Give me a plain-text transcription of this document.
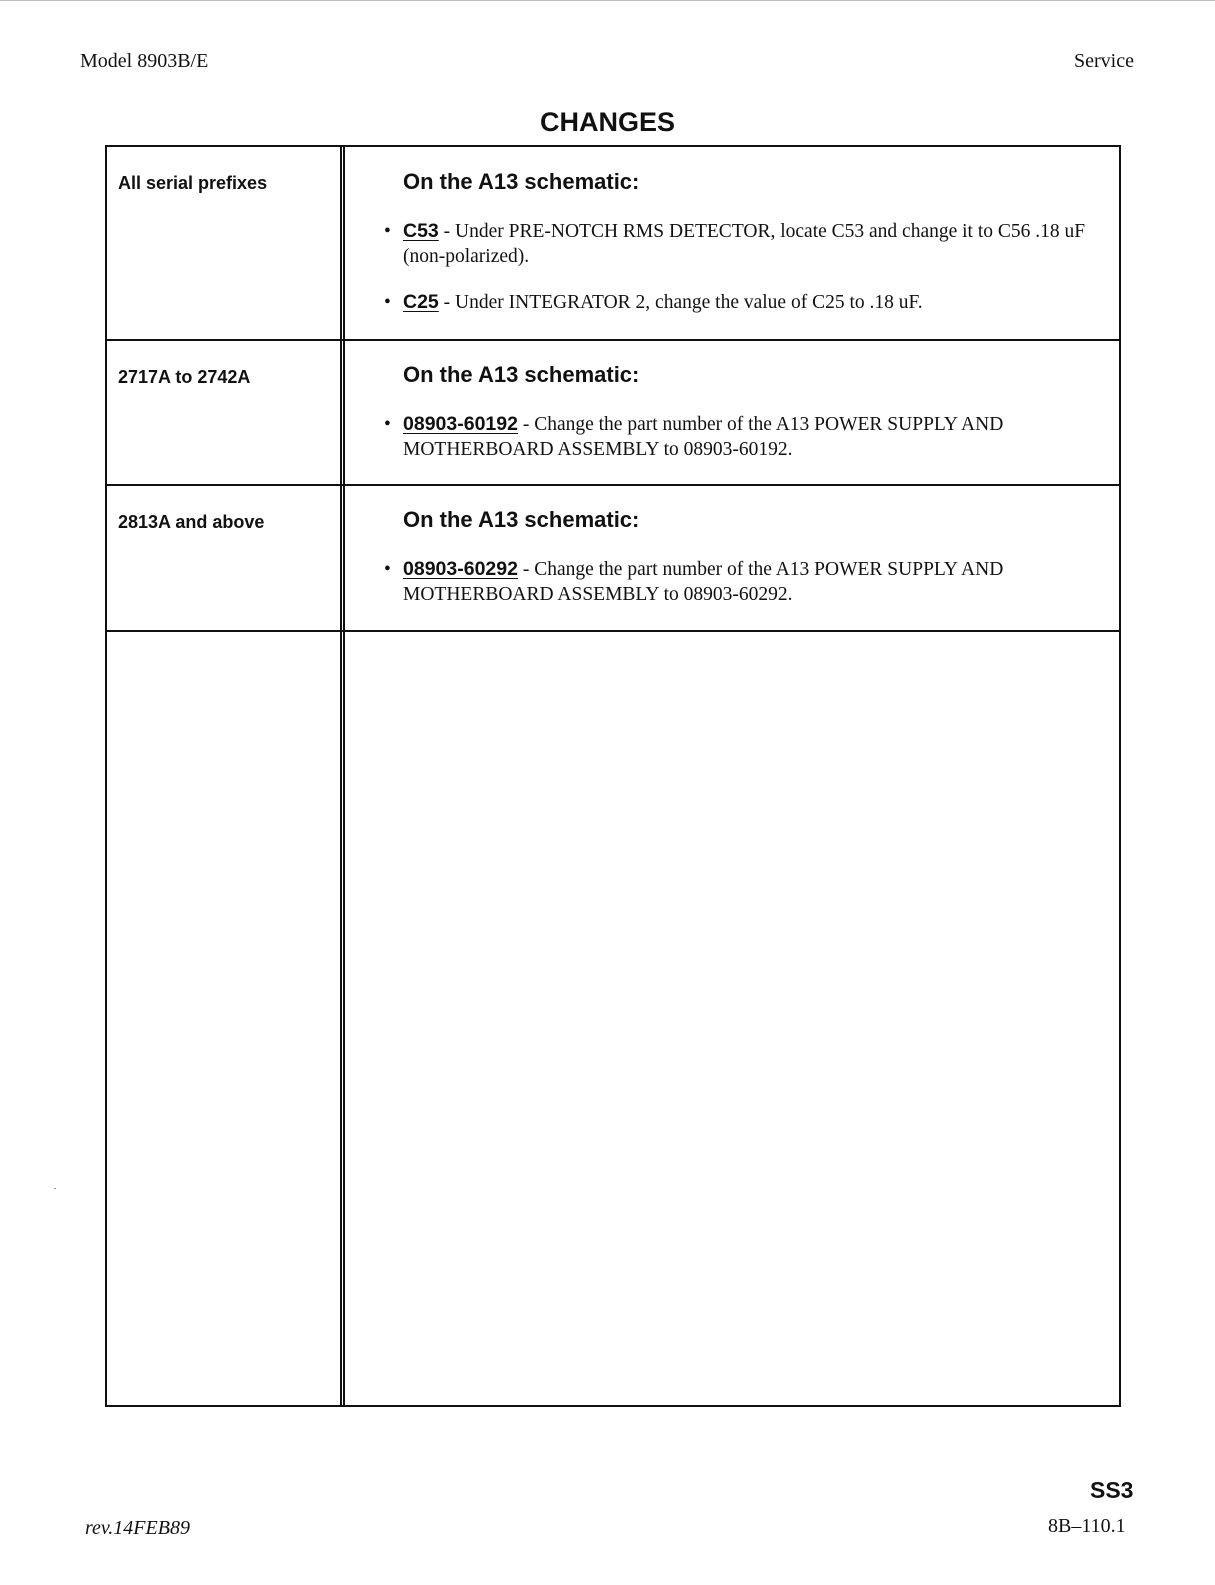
Model 8903B/E	Service
CHANGES
All serial prefixes	On the A13 schematic:
• C53 - Under PRE-NOTCH RMS DETECTOR, locate C53 and change it to C56 .18 uF (non-polarized).
• C25 - Under INTEGRATOR 2, change the value of C25 to .18 uF.
2717A to 2742A	On the A13 schematic:
• 08903-60192 - Change the part number of the A13 POWER SUPPLY AND MOTHERBOARD ASSEMBLY to 08903-60192.
2813A and above	On the A13 schematic:
• 08903-60292 - Change the part number of the A13 POWER SUPPLY AND MOTHERBOARD ASSEMBLY to 08903-60292.
SS3
rev.14FEB89	8B–110.1
